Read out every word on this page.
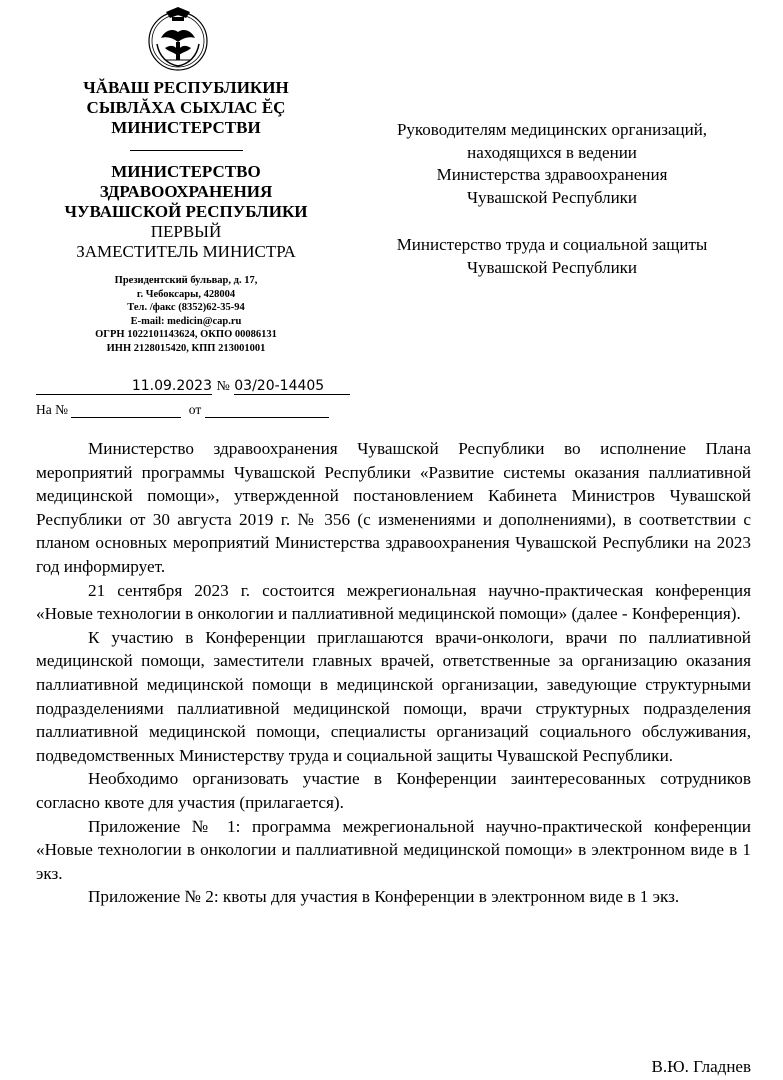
ЧĂВАШ РЕСПУБЛИКИН
СЫВЛĂХА СЫХЛАС ĔÇ
МИНИСТЕРСТВИ
МИНИСТЕРСТВО
ЗДРАВООХРАНЕНИЯ
ЧУВАШСКОЙ РЕСПУБЛИКИ
ПЕРВЫЙ
ЗАМЕСТИТЕЛЬ МИНИСТРА
Президентский бульвар, д. 17,
г. Чебоксары, 428004
Тел. /факс (8352)62-35-94
E-mail: medicin@cap.ru
ОГРН 1022101143624, ОКПО 00086131
ИНН 2128015420, КПП 213001001
Руководителям медицинских организаций,
находящихся в ведении
Министерства здравоохранения
Чувашской Республики
Министерство труда и социальной защиты
Чувашской Республики
11.09.2023 № 03/20-14405
На №	от

Министерство здравоохранения Чувашской Республики во исполнение Плана мероприятий программы Чувашской Республики «Развитие системы оказания паллиативной медицинской помощи», утвержденной постановлением Кабинета Министров Чувашской Республики от 30 августа 2019 г. № 356 (с изменениями и дополнениями), в соответствии с планом основных мероприятий Министерства здравоохранения Чувашской Республики на 2023 год информирует.

21 сентября 2023 г. состоится межрегиональная научно-практическая конференция «Новые технологии в онкологии и паллиативной медицинской помощи» (далее - Конференция).

К участию в Конференции приглашаются врачи-онкологи, врачи по паллиативной медицинской помощи, заместители главных врачей, ответственные за организацию оказания паллиативной медицинской помощи в медицинской организации, заведующие структурными подразделениями паллиативной медицинской помощи, врачи структурных подразделения паллиативной медицинской помощи, специалисты организаций социального обслуживания, подведомственных Министерству труда и социальной защиты Чувашской Республики.

Необходимо организовать участие в Конференции заинтересованных сотрудников согласно квоте для участия (прилагается).

Приложение № 1: программа межрегиональной научно-практической конференции «Новые технологии в онкологии и паллиативной медицинской помощи» в электронном виде в 1 экз.

Приложение № 2: квоты для участия в Конференции в электронном виде в 1 экз.

В.Ю. Гладнев
